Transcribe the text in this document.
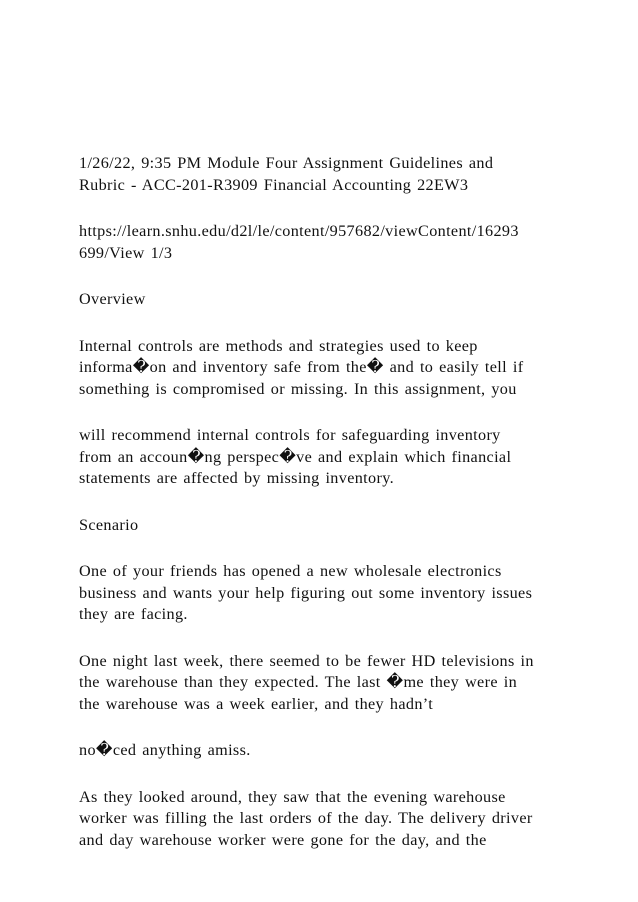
1/26/22, 9:35 PM Module Four Assignment Guidelines and
Rubric - ACC-201-R3909 Financial Accounting 22EW3
https://learn.snhu.edu/d2l/le/content/957682/viewContent/16293
699/View 1/3
Overview
Internal controls are methods and strategies used to keep
informa�on and inventory safe from the� and to easily tell if
something is compromised or missing. In this assignment, you
will recommend internal controls for safeguarding inventory
from an accoun�ng perspec�ve and explain which financial
statements are affected by missing inventory.
Scenario
One of your friends has opened a new wholesale electronics
business and wants your help figuring out some inventory issues
they are facing.
One night last week, there seemed to be fewer HD televisions in
the warehouse than they expected. The last �me they were in
the warehouse was a week earlier, and they hadn’t
no�ced anything amiss.
As they looked around, they saw that the evening warehouse
worker was filling the last orders of the day. The delivery driver
and day warehouse worker were gone for the day, and the
